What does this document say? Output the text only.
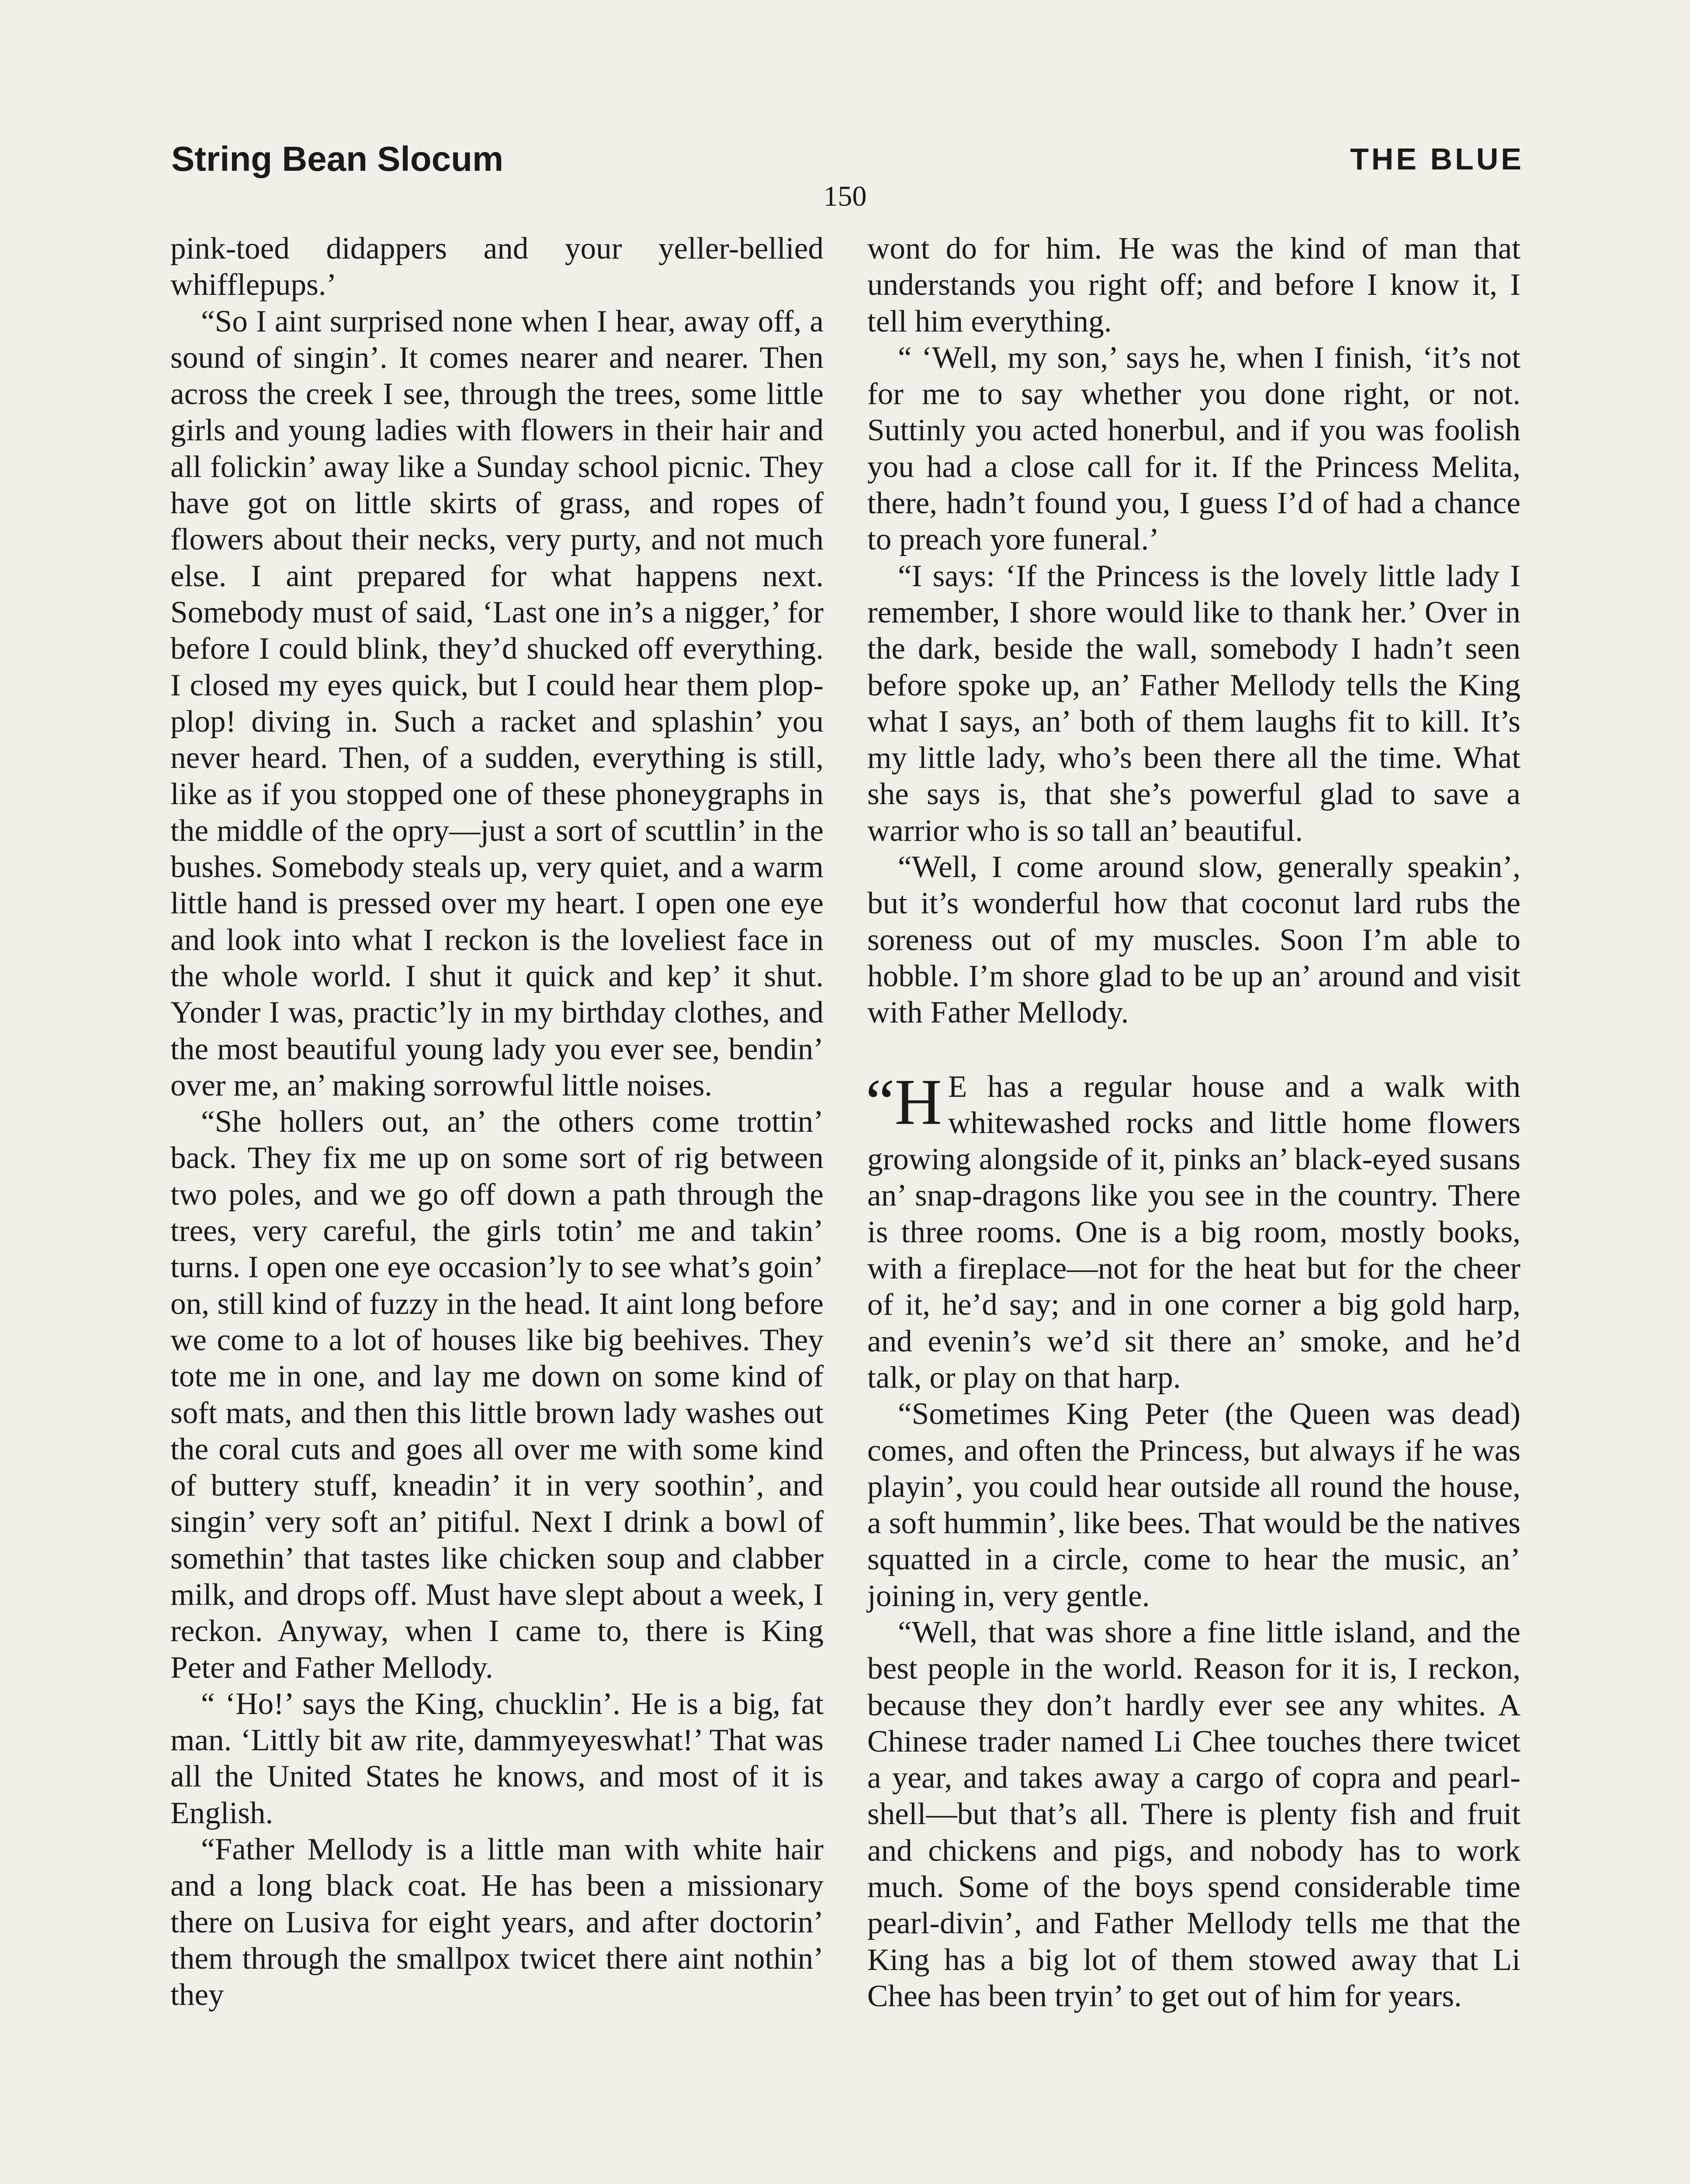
String Bean Slocum	THE BLUE
150

pink-toed didappers and your yeller-bellied whifflepups.’

“So I aint surprised none when I hear, away off, a sound of singin’. It comes nearer and nearer. Then across the creek I see, through the trees, some little girls and young ladies with flowers in their hair and all folickin’ away like a Sunday school picnic. They have got on little skirts of grass, and ropes of flowers about their necks, very purty, and not much else. I aint prepared for what happens next. Somebody must of said, ‘Last one in’s a nigger,’ for before I could blink, they’d shucked off everything. I closed my eyes quick, but I could hear them plop-plop! diving in. Such a racket and splashin’ you never heard. Then, of a sudden, everything is still, like as if you stopped one of these phoneygraphs in the middle of the opry—just a sort of scuttlin’ in the bushes. Somebody steals up, very quiet, and a warm little hand is pressed over my heart. I open one eye and look into what I reckon is the loveliest face in the whole world. I shut it quick and kep’ it shut. Yonder I was, practic’ly in my birthday clothes, and the most beautiful young lady you ever see, bendin’ over me, an’ making sorrowful little noises.

“She hollers out, an’ the others come trottin’ back. They fix me up on some sort of rig between two poles, and we go off down a path through the trees, very careful, the girls totin’ me and takin’ turns. I open one eye occasion’ly to see what’s goin’ on, still kind of fuzzy in the head. It aint long before we come to a lot of houses like big beehives. They tote me in one, and lay me down on some kind of soft mats, and then this little brown lady washes out the coral cuts and goes all over me with some kind of buttery stuff, kneadin’ it in very soothin’, and singin’ very soft an’ pitiful. Next I drink a bowl of somethin’ that tastes like chicken soup and clabber milk, and drops off. Must have slept about a week, I reckon. Anyway, when I came to, there is King Peter and Father Mellody.

“ ‘Ho!’ says the King, chucklin’. He is a big, fat man. ‘Littly bit aw rite, dammyeyeswhat!’ That was all the United States he knows, and most of it is English.

“Father Mellody is a little man with white hair and a long black coat. He has been a missionary there on Lusiva for eight years, and after doctorin’ them through the smallpox twicet there aint nothin’ they

wont do for him. He was the kind of man that understands you right off; and before I know it, I tell him everything.

“ ‘Well, my son,’ says he, when I finish, ‘it’s not for me to say whether you done right, or not. Suttinly you acted honerbul, and if you was foolish you had a close call for it. If the Princess Melita, there, hadn’t found you, I guess I’d of had a chance to preach yore funeral.’

“I says: ‘If the Princess is the lovely little lady I remember, I shore would like to thank her.’ Over in the dark, beside the wall, somebody I hadn’t seen before spoke up, an’ Father Mellody tells the King what I says, an’ both of them laughs fit to kill. It’s my little lady, who’s been there all the time. What she says is, that she’s powerful glad to save a warrior who is so tall an’ beautiful.

“Well, I come around slow, generally speakin’, but it’s wonderful how that coconut lard rubs the soreness out of my muscles. Soon I’m able to hobble. I’m shore glad to be up an’ around and visit with Father Mellody.

“H E has a regular house and a walk with whitewashed rocks and little home flowers growing alongside of it, pinks an’ black-eyed susans an’ snap-dragons like you see in the country. There is three rooms. One is a big room, mostly books, with a fireplace—not for the heat but for the cheer of it, he’d say; and in one corner a big gold harp, and evenin’s we’d sit there an’ smoke, and he’d talk, or play on that harp.

“Sometimes King Peter (the Queen was dead) comes, and often the Princess, but always if he was playin’, you could hear outside all round the house, a soft hummin’, like bees. That would be the natives squatted in a circle, come to hear the music, an’ joining in, very gentle.

“Well, that was shore a fine little island, and the best people in the world. Reason for it is, I reckon, because they don’t hardly ever see any whites. A Chinese trader named Li Chee touches there twicet a year, and takes away a cargo of copra and pearl-shell—but that’s all. There is plenty fish and fruit and chickens and pigs, and nobody has to work much. Some of the boys spend considerable time pearl-divin’, and Father Mellody tells me that the King has a big lot of them stowed away that Li Chee has been tryin’ to get out of him for years.
